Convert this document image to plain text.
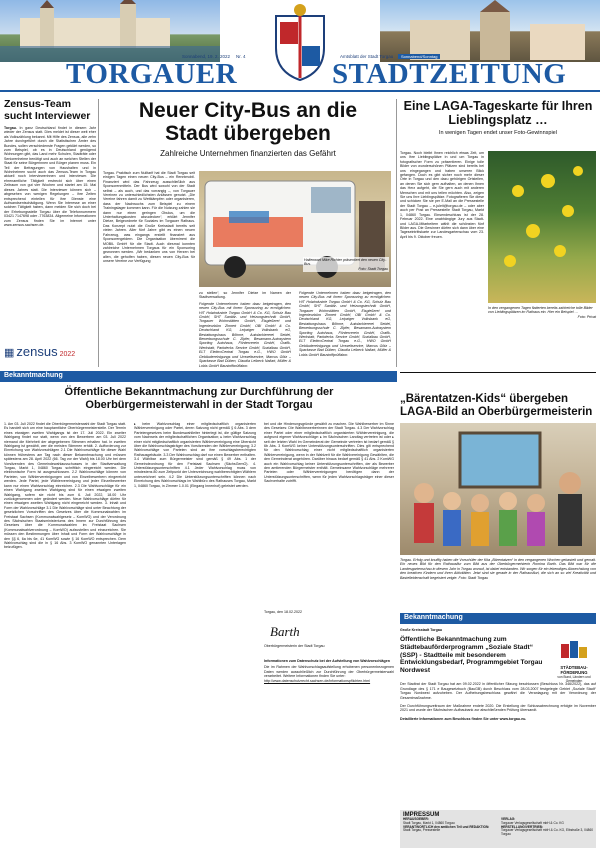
Sonnabend, 19. 2. 2022 Nr. 4	Amtsblatt der Stadt Torgau	Sonnabend/Sonntag
TORGAUER	STADTZEITUNG
Zensus-Team sucht Interviewer
Torgau. In ganz Deutschland findet in diesem Jahr wieder der Zensus statt. Dies meldet ist dieser weit eher als Volkszählung bekannt. Mit Hilfe des Zensus, alle zehn Jahre durchgeführt durch die Statistischen Ämter des Bundes, sollen verschiedenste Fragen geklärt werden, so zum Beispiel, ob es in Deutschland genügend Wohnungen gibt, das Land mehr Schulen, Stadträte oder Seniorenheime benötigt und auch an welchen Stellen der Staat für seine Bürgerinnen und Bürger planen muss. Ein Teil der Befragungen von Haushalten und in Wohnheimen sucht auch das Zensus-Team in Torgau aktuell noch Interviewerinnen und Interviewer. Die ehrenamtliche Tätigkeit erstreckt sich über einen Zeitraum von gut vier Wochen und startet am 15. Mai dieses Jahres statt. Die Interviewer können sich – abgesehen von wenigen Regelungen – ihre Zeiten entsprechend einteilen für ihre Dienste eine Aufwandsentschädigung. Wenn Sie Interesse an einer solchen Tätigkeit haben, dann melden Sie sich doch bei der Erhebungsstelle Torgau über die Telefonnummern 03421 7147698 oder -7763834. Allgemeine Informationen zum Zensus finden Sie im Internet unter www.zensus.sachsen.de.
▦ zensus 2022
Neuer City-Bus an die Stadt übergeben
Zahlreiche Unternehmen finanzierten das Gefährt
Torgau. Praktisch zum Nulltarif hat die Stadt Torgau seit einigen Tagen einen neuen City-Bus – ein Renntmobil. Finanziert wird das Fahrzeug ausschließlich aus Sponsorenmitteln. Der Bus wird sowohl von der Stadt selbst – als auch, und das vorrangig –, von Torgauer Vereinen zu unterschiedlichsten Anlässen genutzt. „Die Vereine fahren damit zu Wettkämpfen oder organisieren, dass der Nachwuchs zum Beispiel zu einem Trainingslager kommen kann. Für die Nutzung zahlen sie dann nur einen geringen Obulus, um die Unterhaltungskosten abzudecken“, erklärt Jennifer Dietze, Beigeordnete für Soziales im Torgauer Rathaus. Das Konzept nutzt die Große Kreisstadt bereits seit vielen Jahren. Aller fünf Jahre gibt es einen neuen Fahrzeug, was eingangs erstellt finanziert aus Sponsorengeldern. Die Organisation übernimmt die MOBIL GmbH für die Stadt. Auch diesmal konnten zahlreiche Unternehmen Torgaus für ein Sponsoring gewonnen werden. „Wir bedanken uns von Herzen bei allen, die geholfen haben, diesen neuen City-Bus für unsere Vereine zur Verfügung	Hallenwart Mike Richter präsentiert den neuen City-Bus.
Foto: Stadt Torgau

zu stellen“, so Jennifer Dietze im Namen der Stadtverwaltung.

Folgende Unternehmen haben dazu beigetragen, den neuen City-Bus mit ihrem Sponsoring zu ermöglichen: HIT Holzindustrie Torgau GmbH & Co. KG, Schulz Bau GmbH, SHT Sanitär- und Heizungstechnik GmbH, Torgauer Wohnstätten GmbH, Eisgießerei und Ingenieurbüro Zinnert GmbH, OBI GmbH & Co. Deutschland KG, Leipziger Volksbank eG, Bestattungshaus Böhme, Autolackiererei Seidel, Bewerbungsschule C. Zipfer, Besamann-Autosystem Sporting Autohaus, Förderverein GmbH, Grafik-Werkstatt, Parkdecks Service GmbH, Sozialbau GmbH, ELT ElektroCentral Torgau e.G., HWO GmbH Gebäudereinigungs und Umweltservice, Marcus Götz – Sparkasse Bad Düben, Claudia Leibeck Nailart, Müller & Lobis GmbH Baustoffprüflabor.

Folgende Unternehmen haben dazu beigetragen, den neuen City-Bus mit ihrem Sponsoring zu ermöglichen: HIT Holzindustrie Torgau GmbH & Co. KG, Schulz Bau GmbH, SHT Sanitär- und Heizungstechnik GmbH, Torgauer Wohnstätten GmbH, Eisgießerei und Ingenieurbüro Zinnert GmbH, OBI GmbH & Co. Deutschland KG, Leipziger Volksbank eG, Bestattungshaus Böhme, Autolackiererei Seidel, Bewerbungsschule C. Zipfer, Besamann-Autosystem Sporting Autohaus, Förderverein GmbH, Grafik-Werkstatt, Parkdecks Service GmbH, Sozialbau GmbH, ELT ElektroCentral Torgau e.G., HWO GmbH Gebäudereinigungs und Umweltservice, Marcus Götz – Sparkasse Bad Düben, Claudia Leibeck Nailart, Müller & Lobis GmbH Baustoffprüflabor.
Eine LAGA-Tageskarte für Ihren Lieblingsplatz …
In wenigen Tagen endet unser Foto-Gewinnspiel
Torgau. Noch bleibt Ihnen reichlich etwas Zeit, um uns Ihre Lieblingsplätze in und um Torgau in fotografischer Form zu präsentieren. Einige tolle Bilder von wunderschönen Plätzen sind bereits bei uns eingegangen und haben unseren Blick gefangen. Doch es gibt sicher noch mehr dieser Orte in Torgau und den dazu gehörigen Ortsteilen, an denen Sie sich gern aufhalten, an denen Ihnen das Herz aufgeht, die Sie gern auch mit anderen Menschen und mit uns teilen möchten. Also, zeigen Sie uns Ihre Lieblingsplätze. Fotografieren Sie diese und schicken Sie sie per E-Mail an die Pressestelle der Stadt Torgau – e-juleit@torgau.de – oder aber auch per Post an Pressestelle Stadt Torgau, Markt 1, 04860 Torgau. Einsendeschluss ist der 28. Februar 2022. Eine unabhängige Jury aus Stadt- und LAGA-Mitarbeitern wählt die schönsten fünf Bilder aus. Die Gewinner dürfen sich dann über eine Tageseintrittskarte zur Landesgartenschau vom 23. April bis 9. Oktober freuen.
In den vergangenen Tagen flatterten bereits zahlreiche tolle Bilder von Lieblingsplätzen im Rathaus ein. Hier ein Beispiel …
Foto: Privat
Bekanntmachung
„Bärentatzen-Kids“ übergeben LAGA-Bild an Oberbürgermeisterin
Torgau. Erfolg und knuffig haben die Vorschüler der Kita „Bärentatzen“ in den vergangenen Wochen gebastelt und gemalt. Ein neues Bild für den Rathausflur zum Bild aus der Oberbürgermeisterin Romina Barth. Das Bild war für die Landesgartenschau in diesem Jahr in Torgau worauf, ist dabei entstanden. Wir sorgen für ein lebendiges Abwechslung von den kreativen Kindern und ihren Aktivitäten. Jetzt sind sie gerade in der Rathausfluri, die sich an so viel Kreativität und Bastelleidenschaft begeistert zeigte. Foto: Stadt Torgau
Öffentliche Bekanntmachung zur Durchführung der Oberbürgermeisterwahl in der Stadt Torgau
1. Am 03. Juli 2022 findet die Oberbürgermeisterwahl der Stadt Torgau statt. Es handelt sich um eine hauptamtliche Oberbürgermeisterstelle. Der Termin eines etwaigen zweiten Wahlgangs ist der 17. Juli 2022. Ein zweiter Wahlgang findet nur statt, wenn von den Bewerbern am 03. Juli 2022 niemand die Mehrheit der abgegebenen Stimmen erhalten hat. In zweiten Wahlgang ist gewählt, wer die meisten Stimmen erhält. 2. Aufforderung zur Einreichung von Wahlvorschlägen 2.1 Die Wahlvorschläge für dieser Wahl können frühestens am Tag nach dieser Bekanntmachung und müssen spätestens am 28. April 2022 (66. Tag vor der Wahl) bis 18.00 Uhr bei dem Vorsitzenden des Gemeindewahlausschusses in der Stadtverwaltung Torgau, Markt 1, 04860 Torgau schriftlich eingereicht werden. Die elektronische Form ist ausgeschlossen. 2.2 Wahlvorschläge können von Parteien, von Wählervereinigungen und von Einzelbewerbern eingereicht werden. Jede Partei, jede Wählervereinigung und jeder Einzelbewerber kann nur einen Wahlvorschlag einreichen. 2.3 Die Wahlvorschläge für ein einen Wahlgang zweiten Wahlgang sind für einen etwaigen zweiten Wahlgang, sofern sie nicht bis zum 6. Juli 2022, 18.00 Uhr zurückgenommen oder geändert werden. Neue Wahlvorschläge dürfen für einen etwaigen zweiten Wahlgang nicht eingereicht werden. 3. Inhalt und Form der Wahlvorschläge 3.1 Die Wahlvorschläge sind unter Beachtung der gesetzlichen Vorschriften des Gesetzes über die Kommunalwahlen im Freistaat Sachsen (Kommunalwahlgesetz – KomWG) und der Verordnung des Sächsischen Staatsministeriums des Innern zur Durchführung des Gesetzes über die Kommunalwahlen im Freistaat Sachsen (Kommunalwahlverordnung – KomWO) aufzustellen und einzureichen. Sie müssen den Bestimmungen über Inhalt und Form der Wahlvorschläge in den §§ 6, 6a bis 6e, 41 KomWG sowie § 16 KomWO entsprechen. Dem Wahlvorschlag sind die in § 16 Abs. 3 KomWO genannten Unterlagen beizufügen.
▸ beim Wahlvorschlag einer mitgliedschaftlich organisierten Wählervereinigung oder Partei, deren Satzung nicht gemäß § 6 Abs. 3 dem Parteiengesetzes beim Bundeswahlleiter hinterlegt ist, die gültige Satzung vom Nachweis der mitgliedschaftlichen Organisation; ▸ beim Wahlvorschlag einer nicht mitgliedschaftlich organisierten Wählervereinigung eine Übersicht über die Wahlvorschlagsträger des Vorsitzenden der Wählervereinigung; 3.2 Wahlvorschläge von Parteien sind an ihre vorschlagsberechtigten Rathausgebäude. 3.3 Der Wahlvorschlag darf nur einen Bewerber enthalten. 3.4 Wählbar zum Bürgermeister sind gemäß § 49 Abs. 1 der Gemeindeordnung für den Freistaat Sachsen (SächsGemO). 4. Unterstützungsunterschriften 4.1 Jeder Wahlvorschlag muss von mindestens 80 zum Zeitpunkt der Unterzeichnung wahlberechtigten Wählern unterzeichnet sein. 4.2 Die Unterstützungsunterschriften können nach Einreichung des Wahlvorschlags im Wahlbüro des Rathauses Torgau, Markt 1, 04860 Torgau, in Zimmer 1.0.01 (Eingang Innenhof) geleistet werden.
bei und die Hinderungsgründe gewählt zu machen. Die Wahlbewerber im Sinne des Gesetzes: Die Wahlbewerberinnen der Stadt Torgau. 4.3 Der Wahlvorschlag einer Partei oder einer mitgliedschaftlich organisierten Wählervereinigung, die aufgrund eigener Wahlvorschläge: ▸ im Sächsischen Landtag vertreten ist oder ▸ seit der letzten Wahl im Gemeinderat der Gemeinde vertreten ist bedarf gemäß § 6b Abs. 3 KomWG keiner Unterstützungsunterschriften. Dies gilt entsprechend für den Wahlvorschlag einer nicht mitgliedschaftlich organisierten Wählervereinigung, wenn in der Wahlzeit für die Wahlvereinigung Gewählten, die den Gemeinderat angehören. Darüber hinaus bedarf gemäß § 41 Abs. 2 KomWG auch ein Wahlvorschlag keiner Unterstützungsunterschriften, der als Bewerber den amtierenden Bürgermeister enthält. Gemeinsame Wahlvorschläge mehrerer Parteien oder Wählervereinigungen benötigen dann der Unterstützungsunterschriften, wenn für jeden Wahlvorschlagsträger einer dieser Sachverhalte zutrifft.
Torgau, den 18.02.2022
Barth
Oberbürgermeisterin der Stadt Torgau
Informationen zum Datenschutz bei der Aufstellung von Wahlvorschlägen
Die im Rahmen der Wahlvorschlagsaufstellung erhobenen personenbezogenen Daten werden ausschließlich zur Durchführung der Oberbürgermeisterwahl verarbeitet. Weitere Informationen finden Sie unter:
http://www.datenschutzrecht.sachsen.de/informationspflichten.html
Bekanntmachung
Große Kreisstadt Torgau
Öffentliche Bekanntmachung zum Städtebauförderprogramm „Soziale Stadt“ (SSP) - Stadtteile mit besonderem Entwicklungsbedarf, Programmgebiet Torgau Nordwest	STÄDTEBAU-FÖRDERUNG
von Bund, Ländern und Gemeinden
Der Stadtrat der Stadt Torgau hat am 09.02.2022 in öffentlicher Sitzung beschlossen (Beschluss Nr. 346/2022), das auf Grundlage des § 171 e Baugesetzbuch (BauGB) durch Beschluss vom 28.03.2007 festgelegte Gebiet „Soziale Stadt“ Torgau Nordwest aufzuheben. Der Aufhebungsbeschluss gewährt die Veranlagung mit der Verordnung der Gesamtmaßnahme.
Der Durchführungszeitraum der Maßnahme endete 2020. Die Erstellung der Schlussabrechnung erfolgte im November 2021 und wurde der Sächsischen Aufbaubank zur abschließenden Prüfung übersandt.
Detaillierte Informationen zum Beschluss finden Sie unter www.torgau.eu.
IMPRESSUM
HERAUSGEBER:
Stadt Torgau, Markt 1, 04860 Torgau
VERANTWORTLICH den amtlichen Teil und REDAKTION:
Stadt Torgau, Pressestelle
VERLAG:
Torgauer Verlagsgesellschaft mbH & Co. KG
HERSTELLUNG/VERTRIEB:
Torgauer Verlagsgesellschaft mbH & Co. KG, Elbstraße 3, 04860 Torgau
